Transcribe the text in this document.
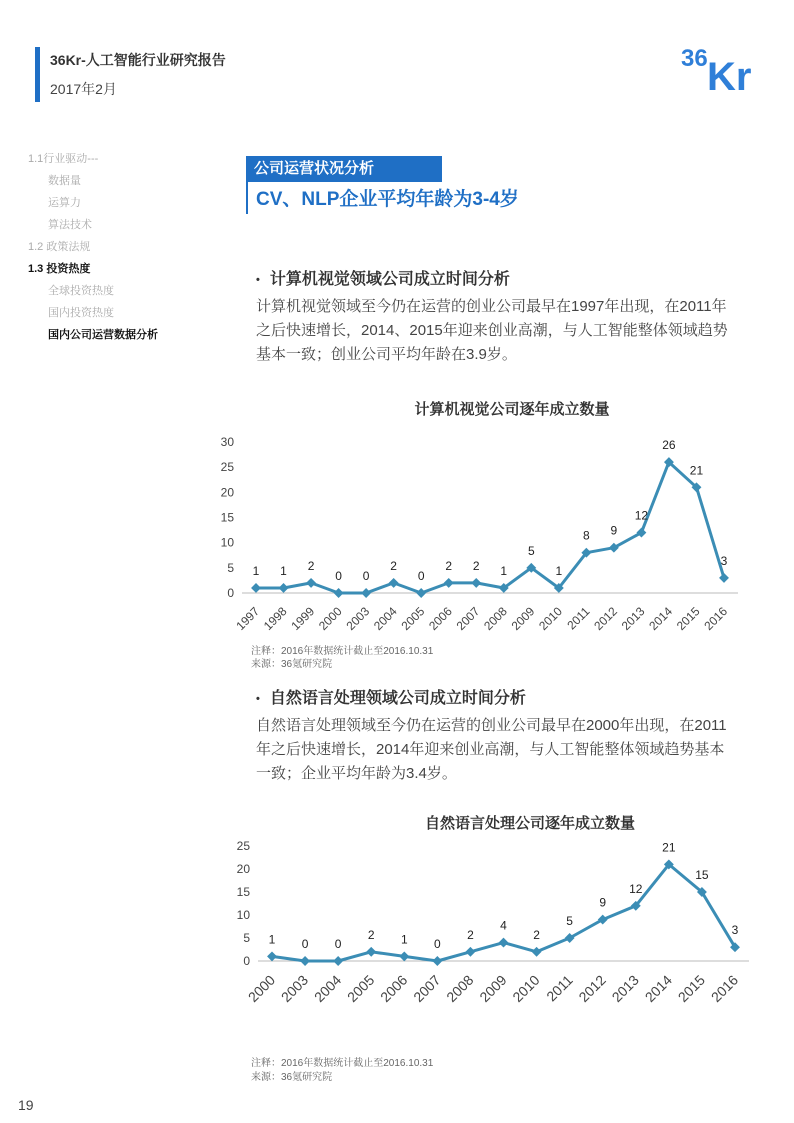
36Kr-人工智能行业研究报告
2017年2月
36 Kr
1.1行业驱动---
数据量
运算力
算法技术
1.2 政策法规
1.3 投资热度
全球投资热度
国内投资热度
国内公司运营数据分析
公司运营状况分析
CV、NLP企业平均年龄为3-4岁
• 计算机视觉领域公司成立时间分析
计算机视觉领域至今仍在运营的创业公司最早在1997年出现，在2011年之后快速增长，2014、2015年迎来创业高潮，与人工智能整体领域趋势基本一致；创业公司平均年龄在3.9岁。
计算机视觉公司逐年成立数量
0
5
10
15
20
25
30
1
1997
1
1998
2
1999
0
2000
0
2003
2
2004
0
2005
2
2006
2
2007
1
2008
5
2009
1
2010
8
2011
9
2012
12
2013
26
2014
21
2015
3
2016
注释：2016年数据统计截止至2016.10.31
来源：36氪研究院
• 自然语言处理领域公司成立时间分析
自然语言处理领域至今仍在运营的创业公司最早在2000年出现，在2011年之后快速增长，2014年迎来创业高潮，与人工智能整体领域趋势基本一致；企业平均年龄为3.4岁。
自然语言处理公司逐年成立数量
0
5
10
15
20
25
1
2000
0
2003
0
2004
2
2005
1
2006
0
2007
2
2008
4
2009
2
2010
5
2011
9
2012
12
2013
21
2014
15
2015
3
2016
注释：2016年数据统计截止至2016.10.31
来源：36氪研究院
19
